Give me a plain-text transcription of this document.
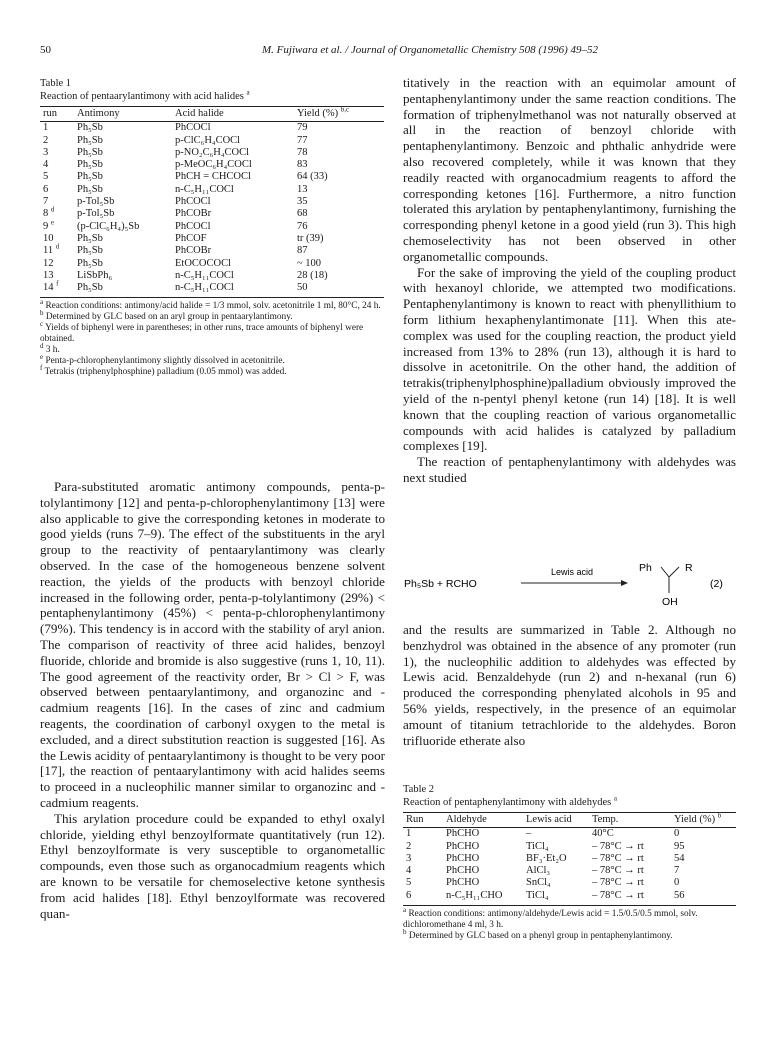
50	M. Fujiwara et al. / Journal of Organometallic Chemistry 508 (1996) 49–52

Table 1

Reaction of pentaarylantimony with acid halides $^a$

run	Antimony	Acid halide	Yield (%) $^{b,c}$
1	Ph₅Sb	PhCOCl	79
2	Ph₅Sb	p-ClC₆H₄COCl	77
3	Ph₅Sb	p-NO₂C₆H₄COCl	78
4	Ph₅Sb	p-MeOC₆H₄COCl	83
5	Ph₅Sb	PhCH = CHCOCl	64 (33)
6	Ph₅Sb	n-C₅H₁₁COCl	13
7	p-Tol₅Sb	PhCOCl	35
8 $^d$	p-Tol₅Sb	PhCOBr	68
9 $^e$	(p-ClC₆H₄)₅Sb	PhCOCl	76
10	Ph₅Sb	PhCOF	tr (39)
11 $^d$	Ph₅Sb	PhCOBr	87
12	Ph₅Sb	EtOCOCOCl	~ 100
13	LiSbPh₆	n-C₅H₁₁COCl	28 (18)
14 $^f$	Ph₅Sb	n-C₅H₁₁COCl	50

$^a$ Reaction conditions: antimony/acid halide = 1/3 mmol, solv. acetonitrile 1 ml, 80°C, 24 h.

$^b$ Determined by GLC based on an aryl group in pentaarylantimony.

$^c$ Yields of biphenyl were in parentheses; in other runs, trace amounts of biphenyl were obtained.

$^d$ 3 h.

$^e$ Penta-p-chlorophenylantimony slightly dissolved in acetonitrile.

$^f$ Tetrakis (triphenylphosphine) palladium (0.05 mmol) was added.

Para-substituted aromatic antimony compounds, penta-p-tolylantimony [12] and penta-p-chlorophenylantimony [13] were also applicable to give the corresponding ketones in moderate to good yields (runs 7–9). The effect of the substituents in the aryl group to the reactivity of pentaarylantimony was clearly observed. In the case of the homogeneous benzene solvent reaction, the yields of the products with benzoyl chloride increased in the following order, penta-p-tolylantimony (29%) < pentaphenylantimony (45%) < penta-p-chlorophenylantimony (79%). This tendency is in accord with the stability of aryl anion. The comparison of reactivity of three acid halides, benzoyl fluoride, chloride and bromide is also suggestive (runs 1, 10, 11). The good agreement of the reactivity order, Br > Cl > F, was observed between pentaarylantimony, and organozinc and -cadmium reagents [16]. In the cases of zinc and cadmium reagents, the coordination of carbonyl oxygen to the metal is excluded, and a direct substitution reaction is suggested [16]. As the Lewis acidity of pentaarylantimony is thought to be very poor [17], the reaction of pentaarylantimony with acid halides seems to proceed in a nucleophilic manner similar to organozinc and -cadmium reagents.

This arylation procedure could be expanded to ethyl oxalyl chloride, yielding ethyl benzoylformate quantitatively (run 12). Ethyl benzoylformate is very susceptible to organometallic compounds, even those such as organocadmium reagents which are known to be versatile for chemoselective ketone synthesis from acid halides [18]. Ethyl benzoylformate was recovered quan-

titatively in the reaction with an equimolar amount of pentaphenylantimony under the same reaction conditions. The formation of triphenylmethanol was not naturally observed at all in the reaction of benzoyl chloride with pentaphenylantimony. Benzoic and phthalic anhydride were also recovered completely, while it was known that they readily reacted with organocadmium reagents to afford the corresponding ketones [16]. Furthermore, a nitro function tolerated this arylation by pentaphenylantimony, furnishing the corresponding phenyl ketone in a good yield (run 3). This high chemoselectivity has not been observed in other organometallic compounds.

For the sake of improving the yield of the coupling product with hexanoyl chloride, we attempted two modifications. Pentaphenylantimony is known to react with phenyllithium to form lithium hexaphenylantimonate [11]. When this ate-complex was used for the coupling reaction, the product yield increased from 13% to 28% (run 13), although it is hard to dissolve in acetonitrile. On the other hand, the addition of tetrakis(triphenylphosphine)palladium obviously improved the yield of the n-pentyl phenyl ketone (run 14) [18]. It is well known that the coupling reaction of various organometallic compounds with acid halides is catalyzed by palladium complexes [19].

The reaction of pentaphenylantimony with aldehydes was next studied

Ph₅Sb + RCHO
Lewis acid	Ph	R
OH
(2)

and the results are summarized in Table 2. Although no benzhydrol was obtained in the absence of any promoter (run 1), the nucleophilic addition to aldehydes was effected by Lewis acid. Benzaldehyde (run 2) and n-hexanal (run 6) produced the corresponding phenylated alcohols in 95 and 56% yields, respectively, in the presence of an equimolar amount of titanium tetrachloride to the aldehydes. Boron trifluoride etherate also

Table 2

Reaction of pentaphenylantimony with aldehydes $^a$

Run	Aldehyde	Lewis acid	Temp.	Yield (%) $^b$
1	PhCHO	–	40°C	0
2	PhCHO	TiCl₄	– 78°C → rt	95
3	PhCHO	BF₃·Et₂O	– 78°C → rt	54
4	PhCHO	AlCl₃	– 78°C → rt	7
5	PhCHO	SnCl₄	– 78°C → rt	0
6	n-C₅H₁₁CHO	TiCl₄	– 78°C → rt	56

$^a$ Reaction conditions: antimony/aldehyde/Lewis acid = 1.5/0.5/0.5 mmol, solv. dichloromethane 4 ml, 3 h.

$^b$ Determined by GLC based on a phenyl group in pentaphenylantimony.
